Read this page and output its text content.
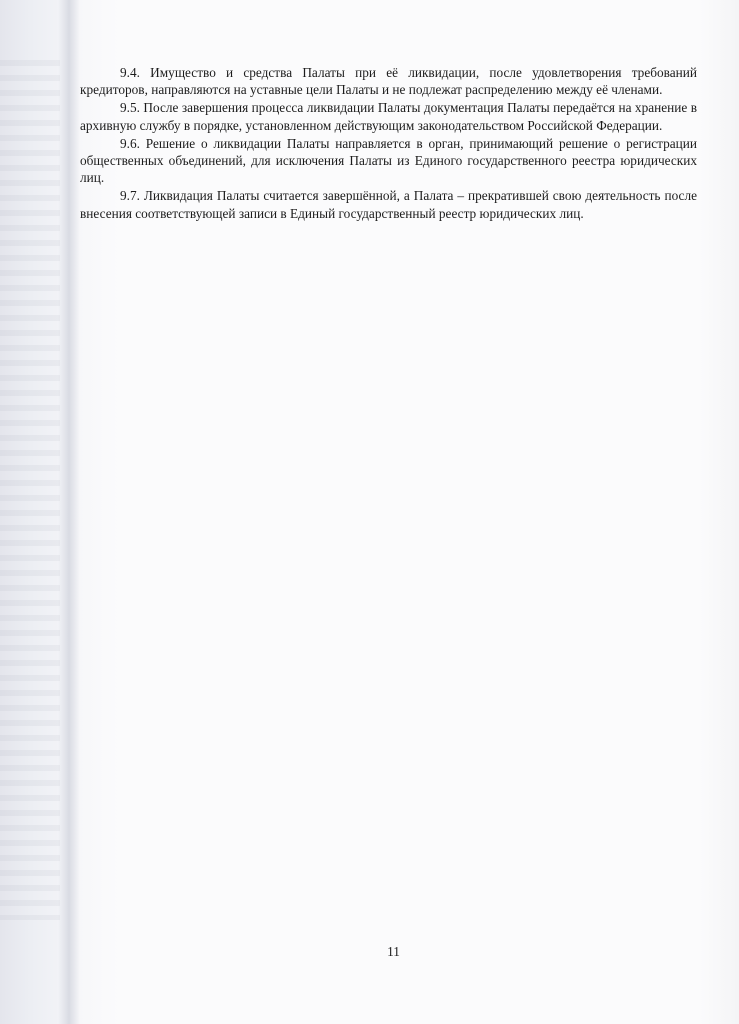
9.4. Имущество и средства Палаты при её ликвидации, после удовлетворения требований кредиторов, направляются на уставные цели Палаты и не подлежат распределению между её членами.

9.5. После завершения процесса ликвидации Палаты документация Палаты передаётся на хранение в архивную службу в порядке, установленном действующим законодательством Российской Федерации.

9.6. Решение о ликвидации Палаты направляется в орган, принимающий решение о регистрации общественных объединений, для исключения Палаты из Единого государственного реестра юридических лиц.

9.7. Ликвидация Палаты считается завершённой, а Палата – прекратившей свою деятельность после внесения соответствующей записи в Единый государственный реестр юридических лиц.

11
